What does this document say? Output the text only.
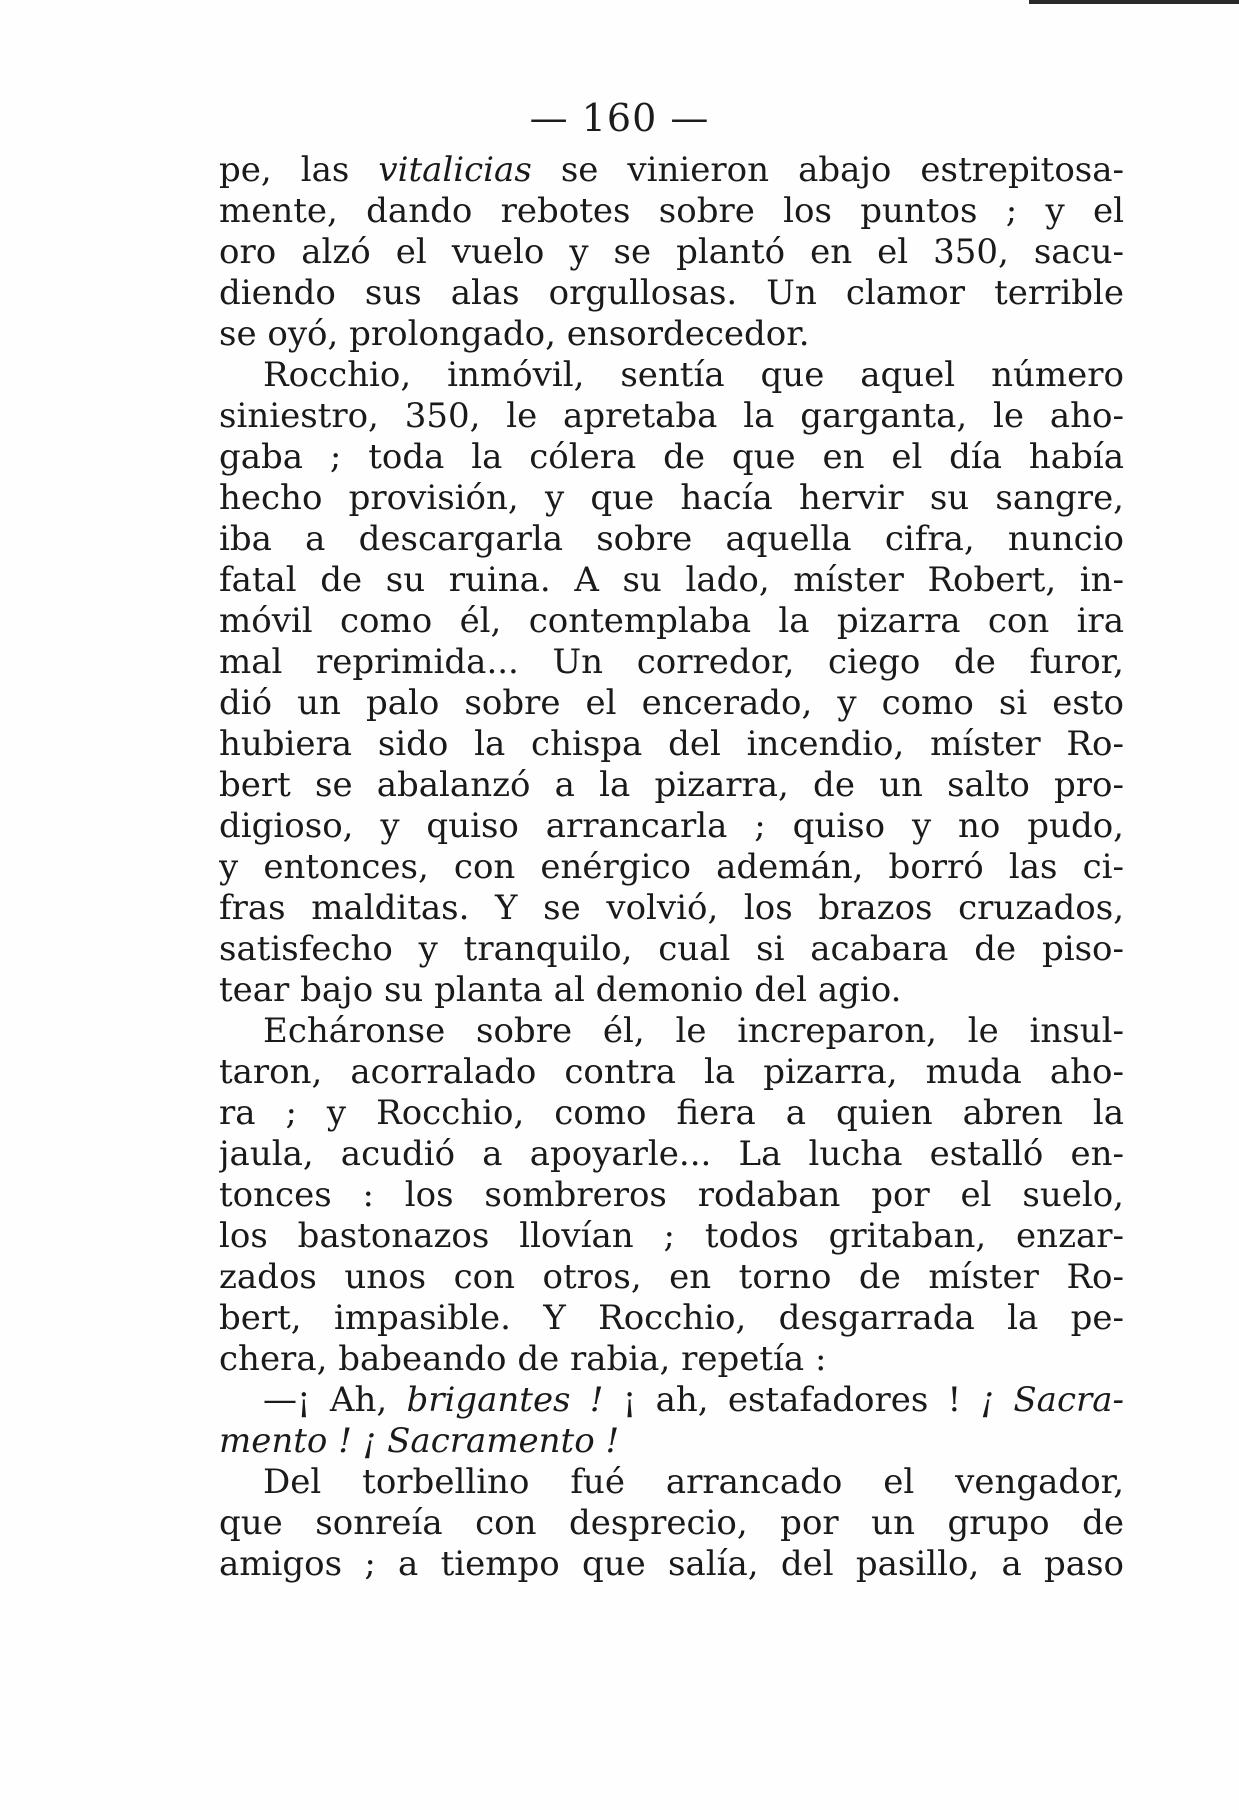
— 160 —
pe, las vitalicias se vinieron abajo estrepitosa-
mente, dando rebotes sobre los puntos ; y el
oro alzó el vuelo y se plantó en el 350, sacu-
diendo sus alas orgullosas. Un clamor terrible
se oyó, prolongado, ensordecedor.
Rocchio, inmóvil, sentía que aquel número
siniestro, 350, le apretaba la garganta, le aho-
gaba ; toda la cólera de que en el día había
hecho provisión, y que hacía hervir su sangre,
iba a descargarla sobre aquella cifra, nuncio
fatal de su ruina. A su lado, míster Robert, in-
móvil como él, contemplaba la pizarra con ira
mal reprimida... Un corredor, ciego de furor,
dió un palo sobre el encerado, y como si esto
hubiera sido la chispa del incendio, míster Ro-
bert se abalanzó a la pizarra, de un salto pro-
digioso, y quiso arrancarla ; quiso y no pudo,
y entonces, con enérgico ademán, borró las ci-
fras malditas. Y se volvió, los brazos cruzados,
satisfecho y tranquilo, cual si acabara de piso-
tear bajo su planta al demonio del agio.
Echáronse sobre él, le increparon, le insul-
taron, acorralado contra la pizarra, muda aho-
ra ; y Rocchio, como fiera a quien abren la
jaula, acudió a apoyarle... La lucha estalló en-
tonces : los sombreros rodaban por el suelo,
los bastonazos llovían ; todos gritaban, enzar-
zados unos con otros, en torno de míster Ro-
bert, impasible. Y Rocchio, desgarrada la pe-
chera, babeando de rabia, repetía :
—¡ Ah, brigantes ! ¡ ah, estafadores ! ¡ Sacra-
mento ! ¡ Sacramento !
Del torbellino fué arrancado el vengador,
que sonreía con desprecio, por un grupo de
amigos ; a tiempo que salía, del pasillo, a paso
